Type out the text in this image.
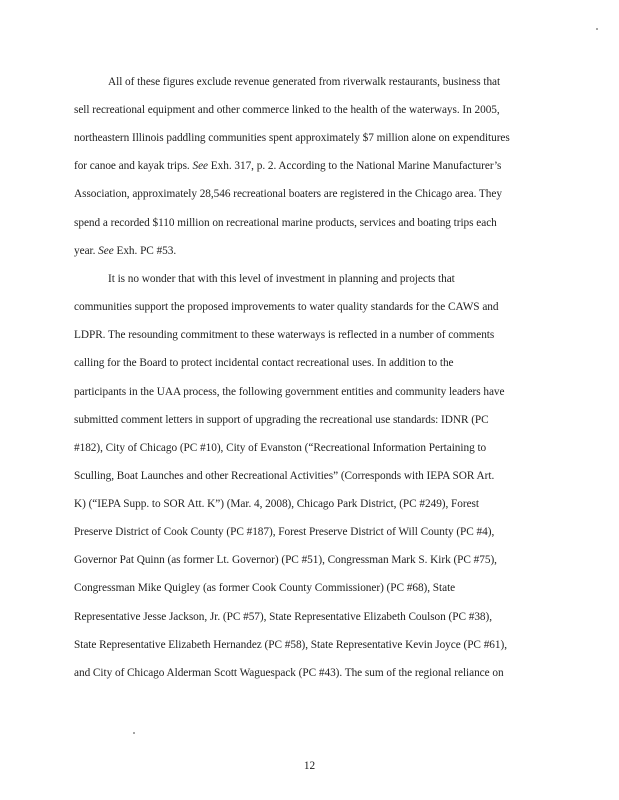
All of these figures exclude revenue generated from riverwalk restaurants, business that
sell recreational equipment and other commerce linked to the health of the waterways. In 2005,
northeastern Illinois paddling communities spent approximately $7 million alone on expenditures
for canoe and kayak trips. See Exh. 317, p. 2. According to the National Marine Manufacturer’s
Association, approximately 28,546 recreational boaters are registered in the Chicago area. They
spend a recorded $110 million on recreational marine products, services and boating trips each
year. See Exh. PC #53.
It is no wonder that with this level of investment in planning and projects that
communities support the proposed improvements to water quality standards for the CAWS and
LDPR. The resounding commitment to these waterways is reflected in a number of comments
calling for the Board to protect incidental contact recreational uses. In addition to the
participants in the UAA process, the following government entities and community leaders have
submitted comment letters in support of upgrading the recreational use standards: IDNR (PC
#182), City of Chicago (PC #10), City of Evanston (“Recreational Information Pertaining to
Sculling, Boat Launches and other Recreational Activities” (Corresponds with IEPA SOR Art.
K) (“IEPA Supp. to SOR Att. K”) (Mar. 4, 2008), Chicago Park District, (PC #249), Forest
Preserve District of Cook County (PC #187), Forest Preserve District of Will County (PC #4),
Governor Pat Quinn (as former Lt. Governor) (PC #51), Congressman Mark S. Kirk (PC #75),
Congressman Mike Quigley (as former Cook County Commissioner) (PC #68), State
Representative Jesse Jackson, Jr. (PC #57), State Representative Elizabeth Coulson (PC #38),
State Representative Elizabeth Hernandez (PC #58), State Representative Kevin Joyce (PC #61),
and City of Chicago Alderman Scott Waguespack (PC #43). The sum of the regional reliance on
12
